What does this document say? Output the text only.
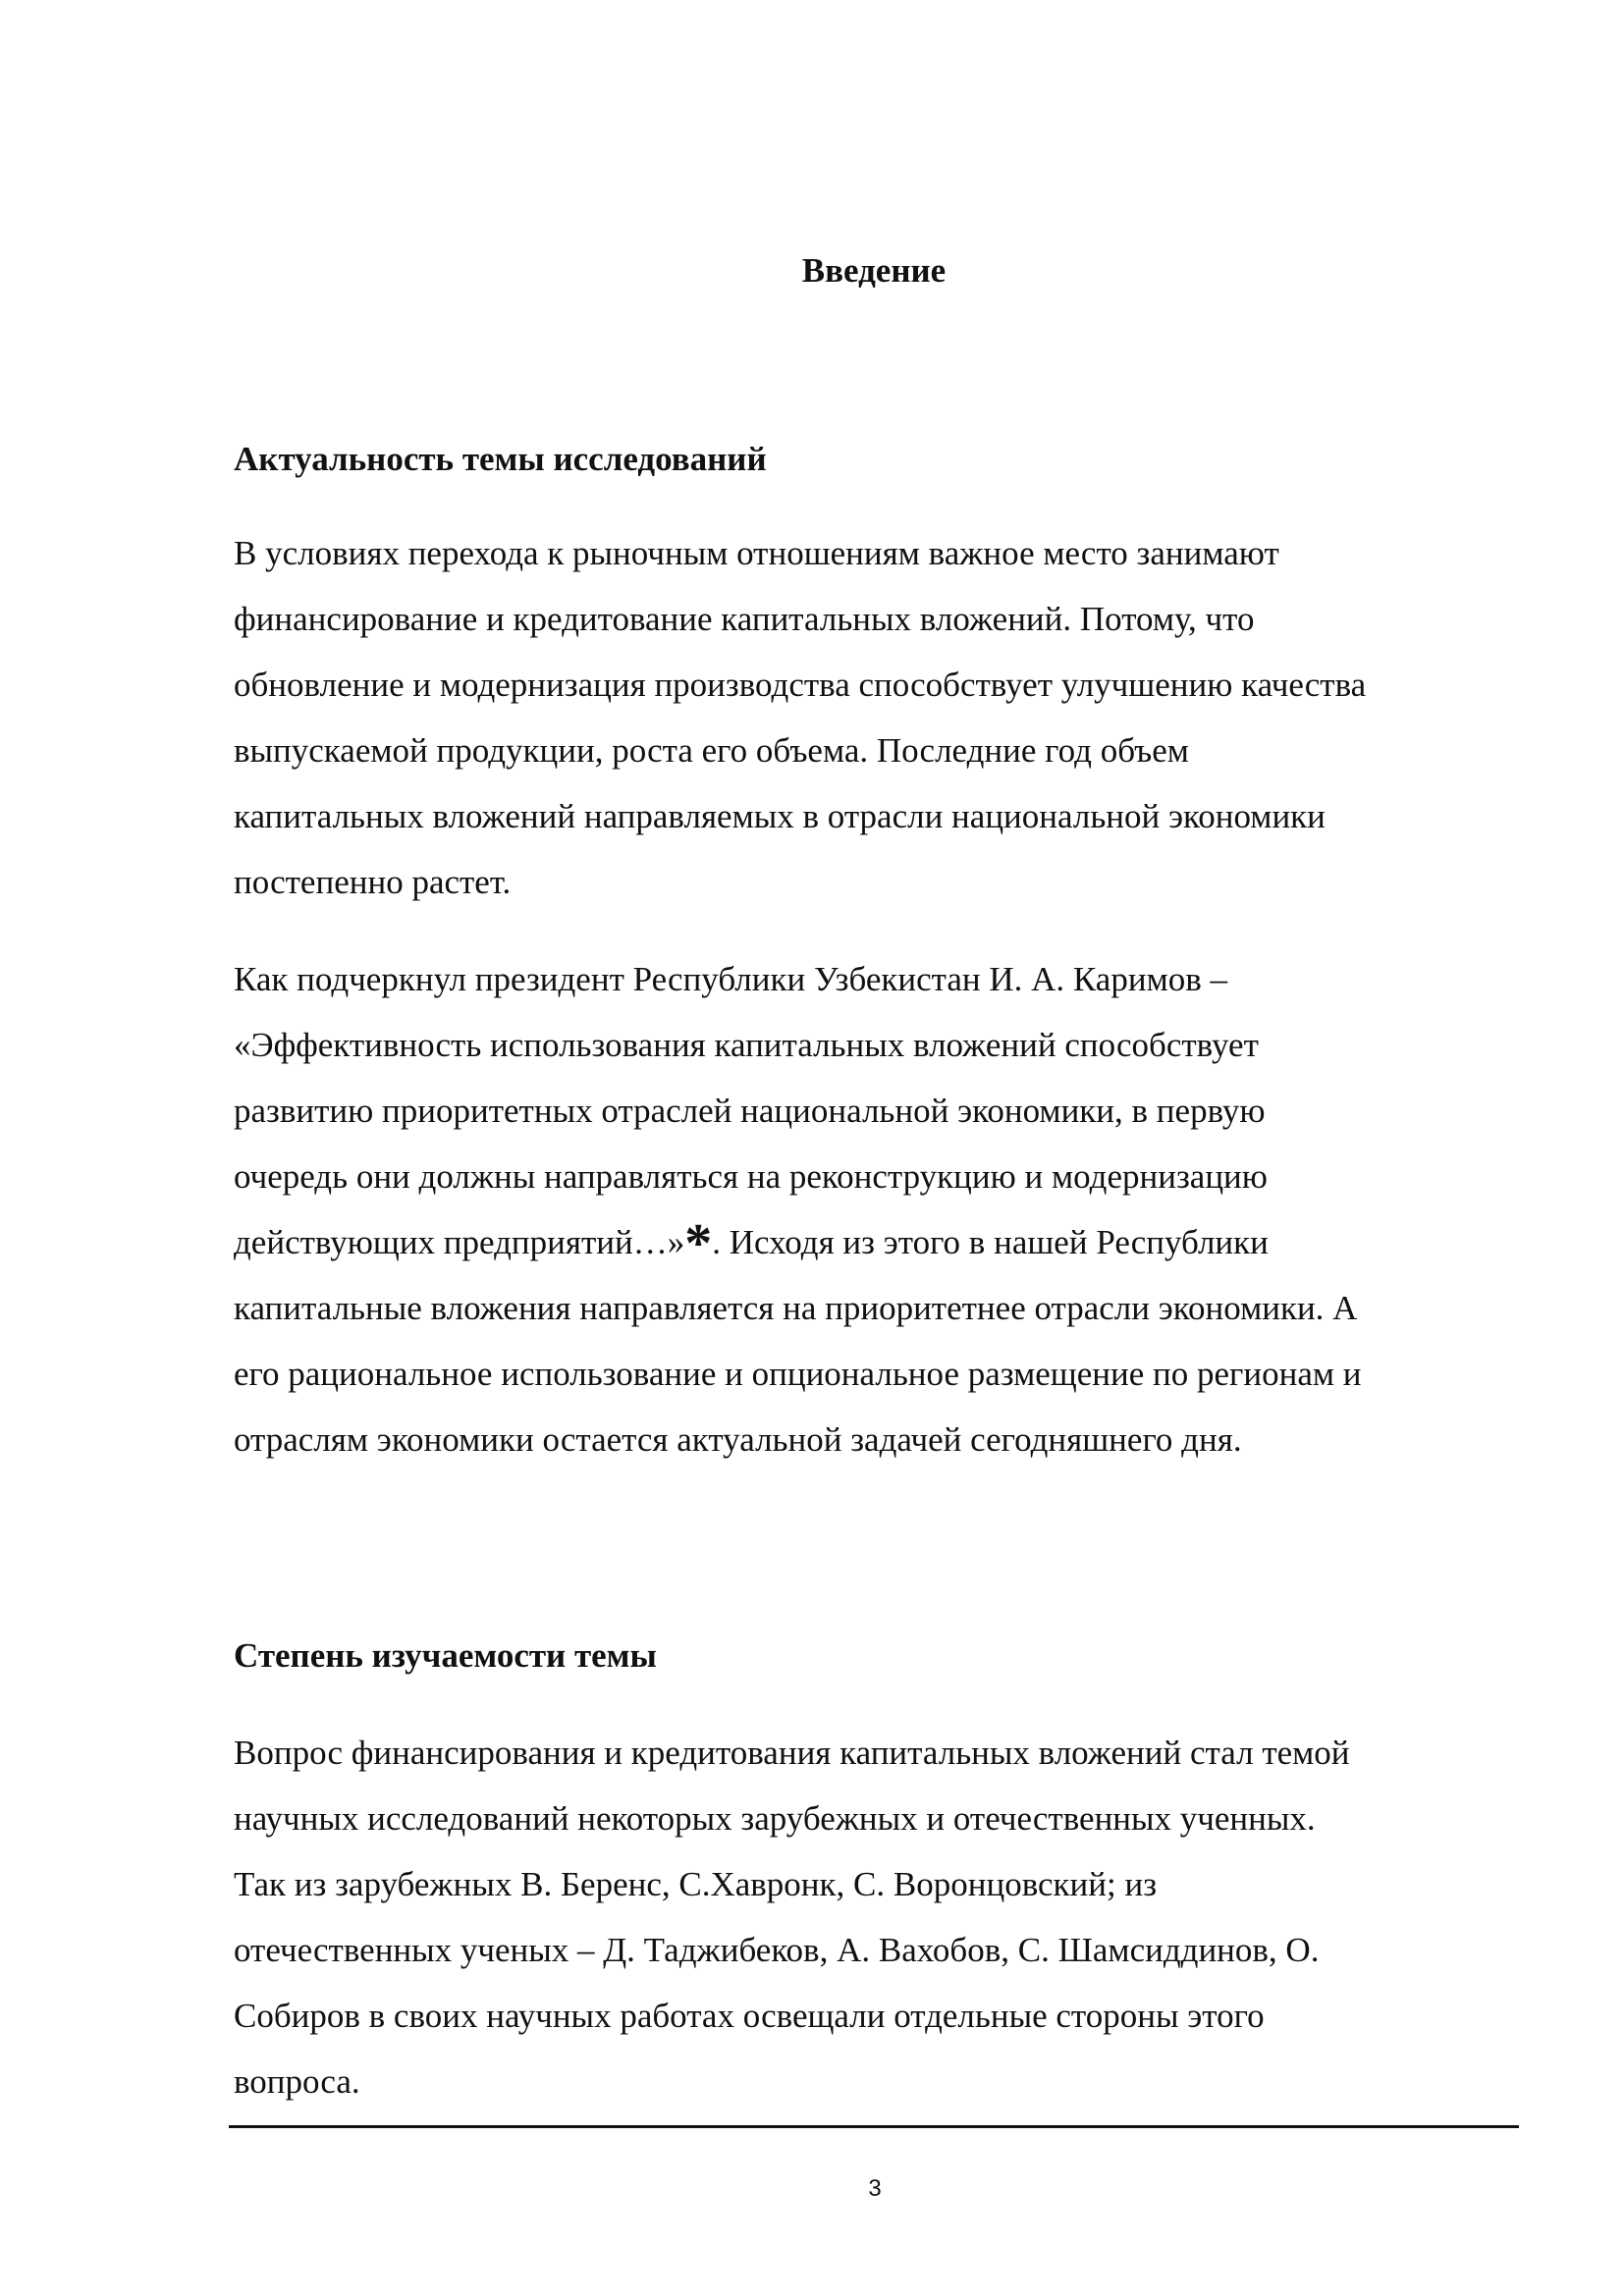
Введение
Актуальность темы исследований

В условиях перехода к рыночным отношениям важное место занимают
финансирование и кредитование капитальных вложений. Потому, что
обновление и модернизация производства способствует улучшению качества
выпускаемой продукции, роста его объема. Последние год объем
капитальных вложений направляемых в отрасли национальной экономики
постепенно растет.

Как подчеркнул президент Республики Узбекистан И. А. Каримов –
«Эффективность использования капитальных вложений способствует
развитию приоритетных отраслей национальной экономики, в первую
очередь они должны направляться на реконструкцию и модернизацию
действующих предприятий…»*. Исходя из этого в нашей Республики
капитальные вложения направляется на приоритетнее отрасли экономики. А
его рациональное использование и опциональное размещение по регионам и
отраслям экономики остается актуальной задачей сегодняшнего дня.

Степень изучаемости темы

Вопрос финансирования и кредитования капитальных вложений стал темой
научных исследований некоторых зарубежных и отечественных ученных.
Так из зарубежных В. Беренс, С.Хавронк, С. Воронцовский; из
отечественных ученых – Д. Таджибеков, А. Вахобов, С. Шамсиддинов, О.
Собиров в своих научных работах освещали отдельные стороны этого
вопроса.

3
